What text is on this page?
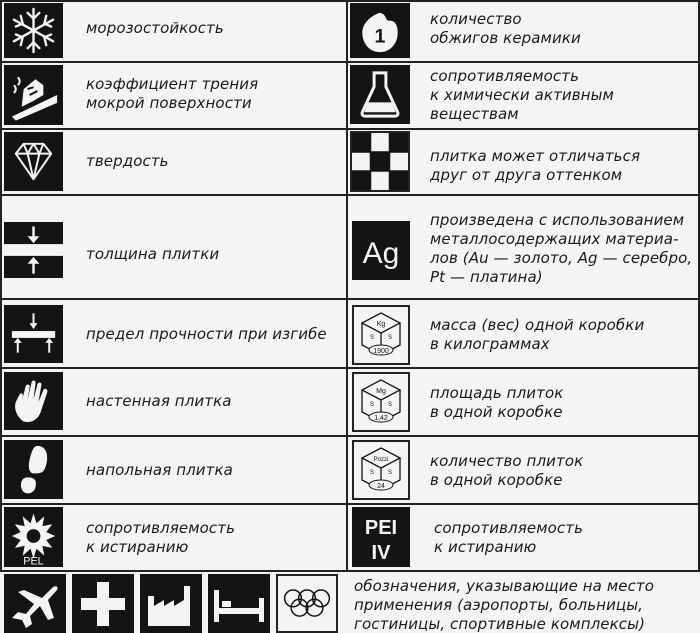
морозостойкость
коэффициент трения
мокрой поверхности
твердость
толщина плитки
предел прочности при изгибе
настенная плитка
напольная плитка
PEL
сопротивляемость
к истиранию
1
количество
обжигов керамики
сопротивляемость
к химически активным
веществам
плитка может отличаться
друг от друга оттенком
Ag
произведена с использованием
металлосодержащих материа-
лов (Au — золото, Ag — серебро,
Pt — платина)
Kg
S S
1900
масса (вес) одной коробки
в килограммах
Mg
S S
1,42
площадь плиток
в одной коробке
Pozzi
S S
24
количество плиток
в одной коробке
PEI
IV
сопротивляемость
к истиранию
обозначения, указывающие на место
применения (аэропорты, больницы,
гостиницы, спортивные комплексы)
